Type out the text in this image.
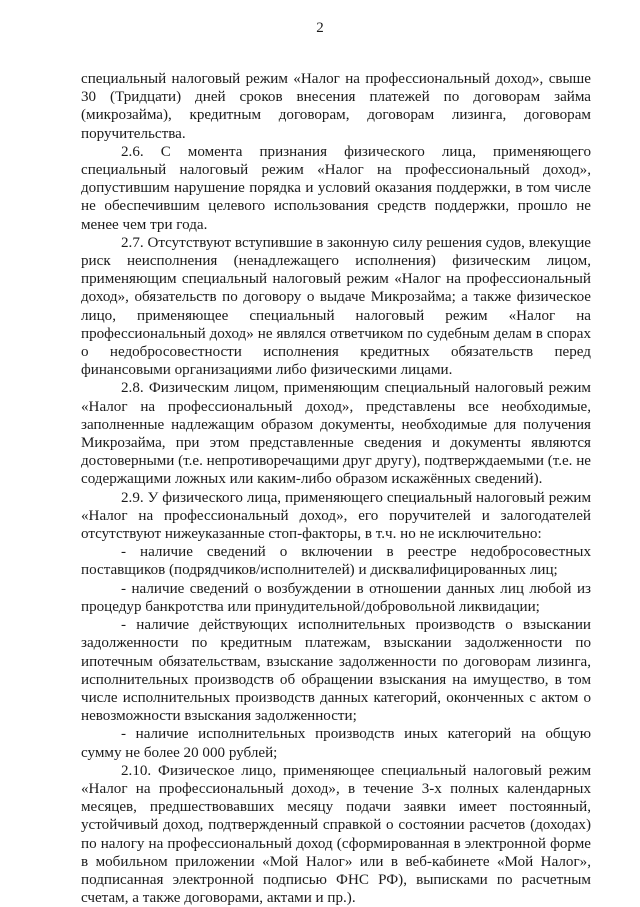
2

специальный налоговый режим «Налог на профессиональный доход», свыше 30 (Тридцати) дней сроков внесения платежей по договорам займа (микрозайма), кредитным договорам, договорам лизинга, договорам поручительства.

2.6. С момента признания физического лица, применяющего специальный налоговый режим «Налог на профессиональный доход», допустившим нарушение порядка и условий оказания поддержки, в том числе не обеспечившим целевого использования средств поддержки, прошло не менее чем три года.

2.7. Отсутствуют вступившие в законную силу решения судов, влекущие риск неисполнения (ненадлежащего исполнения) физическим лицом, применяющим специальный налоговый режим «Налог на профессиональный доход», обязательств по договору о выдаче Микрозайма; а также физическое лицо, применяющее специальный налоговый режим «Налог на профессиональный доход» не являлся ответчиком по судебным делам в спорах о недобросовестности исполнения кредитных обязательств перед финансовыми организациями либо физическими лицами.

2.8. Физическим лицом, применяющим специальный налоговый режим «Налог на профессиональный доход», представлены все необходимые, заполненные надлежащим образом документы, необходимые для получения Микрозайма, при этом представленные сведения и документы являются достоверными (т.е. непротиворечащими друг другу), подтверждаемыми (т.е. не содержащими ложных или каким-либо образом искажённых сведений).

2.9. У физического лица, применяющего специальный налоговый режим «Налог на профессиональный доход», его поручителей и залогодателей отсутствуют нижеуказанные стоп-факторы, в т.ч. но не исключительно:

- наличие сведений о включении в реестре недобросовестных поставщиков (подрядчиков/исполнителей) и дисквалифицированных лиц;

- наличие сведений о возбуждении в отношении данных лиц любой из процедур банкротства или принудительной/добровольной ликвидации;

- наличие действующих исполнительных производств о взыскании задолженности по кредитным платежам, взыскании задолженности по ипотечным обязательствам, взыскание задолженности по договорам лизинга, исполнительных производств об обращении взыскания на имущество, в том числе исполнительных производств данных категорий, оконченных с актом о невозможности взыскания задолженности;

- наличие исполнительных производств иных категорий на общую сумму не более 20 000 рублей;

2.10. Физическое лицо, применяющее специальный налоговый режим «Налог на профессиональный доход», в течение 3-х полных календарных месяцев, предшествовавших месяцу подачи заявки имеет постоянный, устойчивый доход, подтвержденный справкой о состоянии расчетов (доходах) по налогу на профессиональный доход (сформированная в электронной форме в мобильном приложении «Мой Налог» или в веб-кабинете «Мой Налог», подписанная электронной подписью ФНС РФ), выписками по расчетным счетам, а также договорами, актами и пр.).
